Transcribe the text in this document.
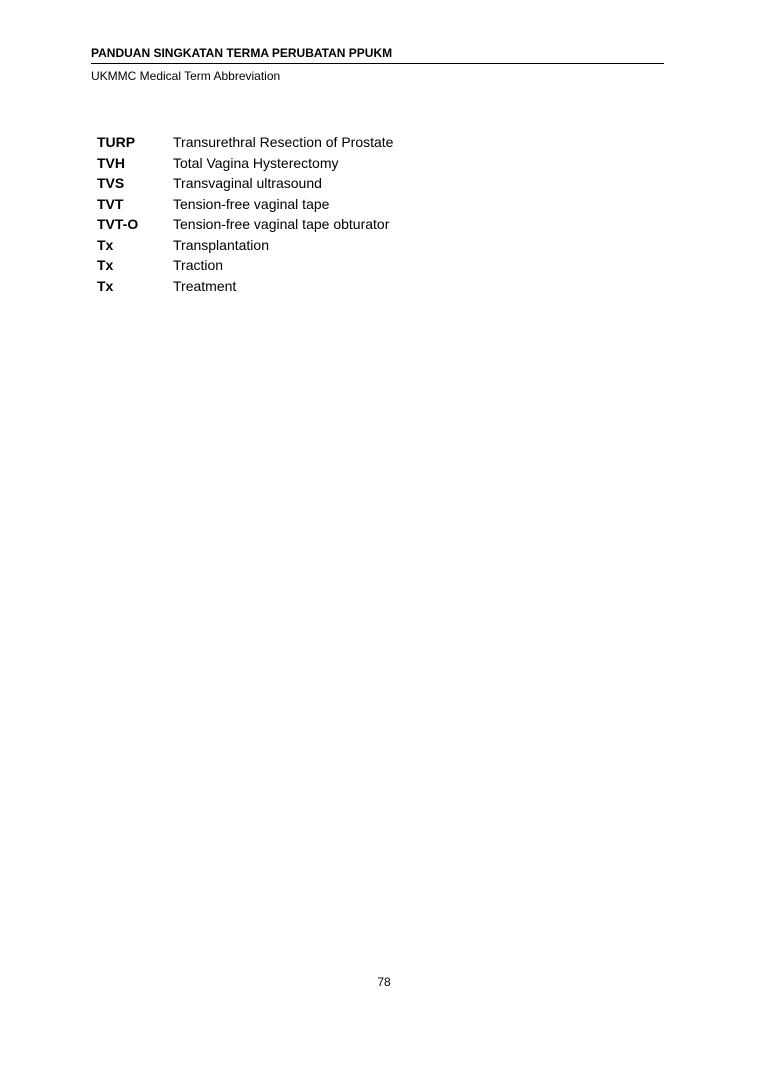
PANDUAN SINGKATAN TERMA PERUBATAN PPUKM
UKMMC Medical Term Abbreviation
TURP	Transurethral Resection of Prostate
TVH	Total Vagina Hysterectomy
TVS	Transvaginal ultrasound
TVT	Tension-free vaginal tape
TVT-O	Tension-free vaginal tape obturator
Tx	Transplantation
Tx	Traction
Tx	Treatment
78
